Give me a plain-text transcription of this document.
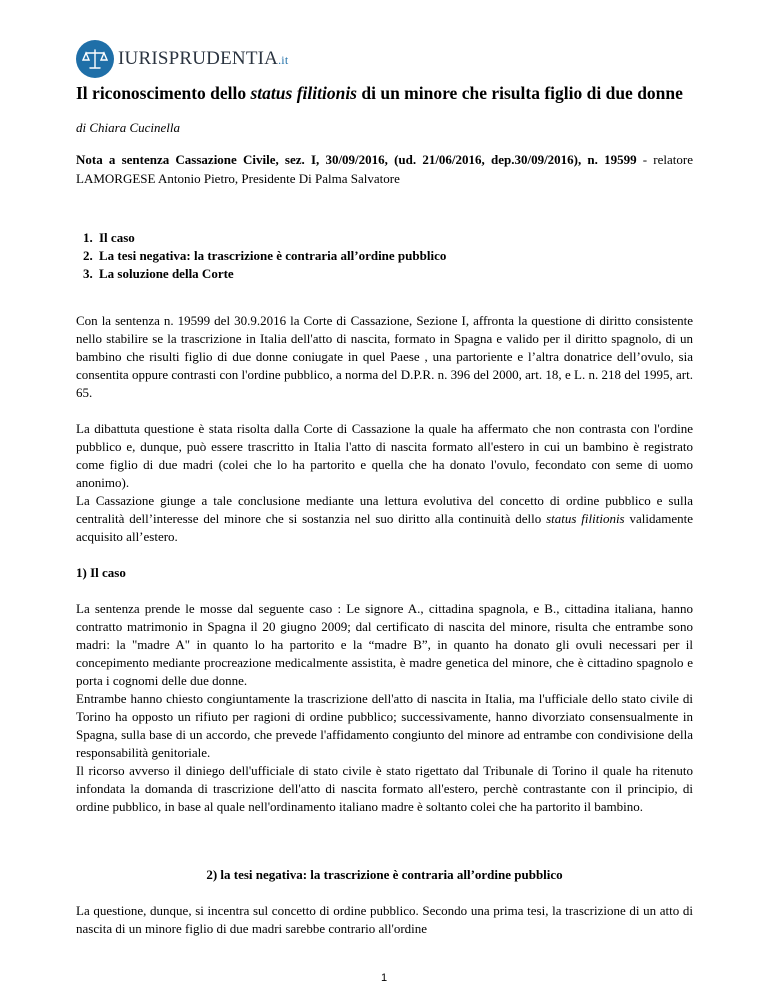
IURISPRUDENTIA.it
Il riconoscimento dello status filitionis di un minore che risulta figlio di due donne
di Chiara Cucinella
Nota a sentenza Cassazione Civile, sez. I, 30/09/2016, (ud. 21/06/2016, dep.30/09/2016), n. 19599 - relatore LAMORGESE Antonio Pietro, Presidente Di Palma Salvatore
1. Il caso
2. La tesi negativa: la trascrizione è contraria all’ordine pubblico
3. La soluzione della Corte

Con la sentenza n. 19599 del 30.9.2016 la Corte di Cassazione, Sezione I, affronta la questione di diritto consistente nello stabilire se la trascrizione in Italia dell'atto di nascita, formato in Spagna e valido per il diritto spagnolo, di un bambino che risulti figlio di due donne coniugate in quel Paese , una partoriente e l’altra donatrice dell’ovulo, sia consentita oppure contrasti con l'ordine pubblico, a norma del D.P.R. n. 396 del 2000, art. 18, e L. n. 218 del 1995, art. 65.

La dibattuta questione è stata risolta dalla Corte di Cassazione la quale ha affermato che non contrasta con l'ordine pubblico e, dunque, può essere trascritto in Italia l'atto di nascita formato all'estero in cui un bambino è registrato come figlio di due madri (colei che lo ha partorito e quella che ha donato l'ovulo, fecondato con seme di uomo anonimo).

La Cassazione giunge a tale conclusione mediante una lettura evolutiva del concetto di ordine pubblico e sulla centralità dell’interesse del minore che si sostanzia nel suo diritto alla continuità dello status filitionis validamente acquisito all’estero.

1) Il caso

La sentenza prende le mosse dal seguente caso : Le signore A., cittadina spagnola, e B., cittadina italiana, hanno contratto matrimonio in Spagna il 20 giugno 2009; dal certificato di nascita del minore, risulta che entrambe sono madri: la "madre A" in quanto lo ha partorito e la “madre B”, in quanto ha donato gli ovuli necessari per il concepimento mediante procreazione medicalmente assistita, è madre genetica del minore, che è cittadino spagnolo e porta i cognomi delle due donne.

Entrambe hanno chiesto congiuntamente la trascrizione dell'atto di nascita in Italia, ma l'ufficiale dello stato civile di Torino ha opposto un rifiuto per ragioni di ordine pubblico; successivamente, hanno divorziato consensualmente in Spagna, sulla base di un accordo, che prevede l'affidamento congiunto del minore ad entrambe con condivisione della responsabilità genitoriale.

Il ricorso avverso il diniego dell'ufficiale di stato civile è stato rigettato dal Tribunale di Torino il quale ha ritenuto infondata la domanda di trascrizione dell'atto di nascita formato all'estero, perchè contrastante con il principio, di ordine pubblico, in base al quale nell'ordinamento italiano madre è soltanto colei che ha partorito il bambino.

2) la tesi negativa: la trascrizione è contraria all’ordine pubblico

La questione, dunque, si incentra sul concetto di ordine pubblico. Secondo una prima tesi, la trascrizione di un atto di nascita di un minore figlio di due madri sarebbe contrario all'ordine

1
